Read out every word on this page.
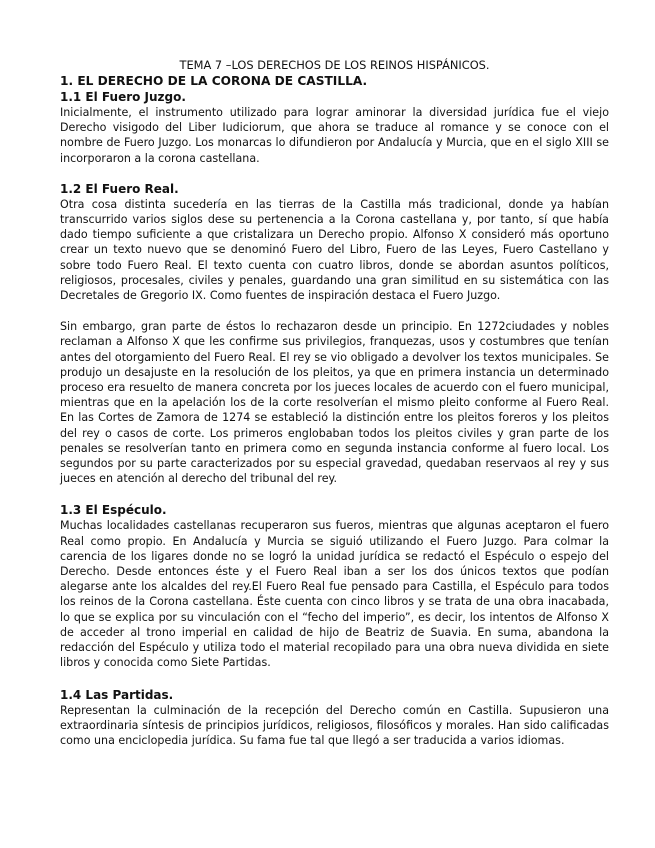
TEMA 7 –LOS DERECHOS DE LOS REINOS HISPÁNICOS.

1. EL DERECHO DE LA CORONA DE CASTILLA.

1.1 El Fuero Juzgo.

Inicialmente, el instrumento utilizado para lograr aminorar la diversidad jurídica fue el viejo Derecho visigodo del Liber Iudiciorum, que ahora se traduce al romance y se conoce con el nombre de Fuero Juzgo. Los monarcas lo difundieron por Andalucía y Murcia, que en el siglo XIII se incorporaron a la corona castellana.

1.2 El Fuero Real.

Otra cosa distinta sucedería en las tierras de la Castilla más tradicional, donde ya habían transcurrido varios siglos dese su pertenencia a la Corona castellana y, por tanto, sí que había dado tiempo suficiente a que cristalizara un Derecho propio. Alfonso X consideró más oportuno crear un texto nuevo que se denominó Fuero del Libro, Fuero de las Leyes, Fuero Castellano y sobre todo Fuero Real. El texto cuenta con cuatro libros, donde se abordan asuntos políticos, religiosos, procesales, civiles y penales, guardando una gran similitud en su sistemática con las Decretales de Gregorio IX. Como fuentes de inspiración destaca el Fuero Juzgo.

Sin embargo, gran parte de éstos lo rechazaron desde un principio. En 1272ciudades y nobles reclaman a Alfonso X que les confirme sus privilegios, franquezas, usos y costumbres que tenían antes del otorgamiento del Fuero Real. El rey se vio obligado a devolver los textos municipales. Se produjo un desajuste en la resolución de los pleitos, ya que en primera instancia un determinado proceso era resuelto de manera concreta por los jueces locales de acuerdo con el fuero municipal, mientras que en la apelación los de la corte resolverían el mismo pleito conforme al Fuero Real. En las Cortes de Zamora de 1274 se estableció la distinción entre los pleitos foreros y los pleitos del rey o casos de corte. Los primeros englobaban todos los pleitos civiles y gran parte de los penales se resolverían tanto en primera como en segunda instancia conforme al fuero local. Los segundos por su parte caracterizados por su especial gravedad, quedaban reservaos al rey y sus jueces en atención al derecho del tribunal del rey.

1.3 El Espéculo.

Muchas localidades castellanas recuperaron sus fueros, mientras que algunas aceptaron el fuero Real como propio. En Andalucía y Murcia se siguió utilizando el Fuero Juzgo. Para colmar la carencia de los ligares donde no se logró la unidad jurídica se redactó el Espéculo o espejo del Derecho. Desde entonces éste y el Fuero Real iban a ser los dos únicos textos que podían alegarse ante los alcaldes del rey.El Fuero Real fue pensado para Castilla, el Espéculo para todos los reinos de la Corona castellana. Éste cuenta con cinco libros y se trata de una obra inacabada, lo que se explica por su vinculación con el “fecho del imperio”, es decir, los intentos de Alfonso X de acceder al trono imperial en calidad de hijo de Beatriz de Suavia. En suma, abandona la redacción del Espéculo y utiliza todo el material recopilado para una obra nueva dividida en siete libros y conocida como Siete Partidas.

1.4 Las Partidas.

Representan la culminación de la recepción del Derecho común en Castilla. Supusieron una extraordinaria síntesis de principios jurídicos, religiosos, filosóficos y morales. Han sido calificadas como una enciclopedia jurídica. Su fama fue tal que llegó a ser traducida a varios idiomas.
